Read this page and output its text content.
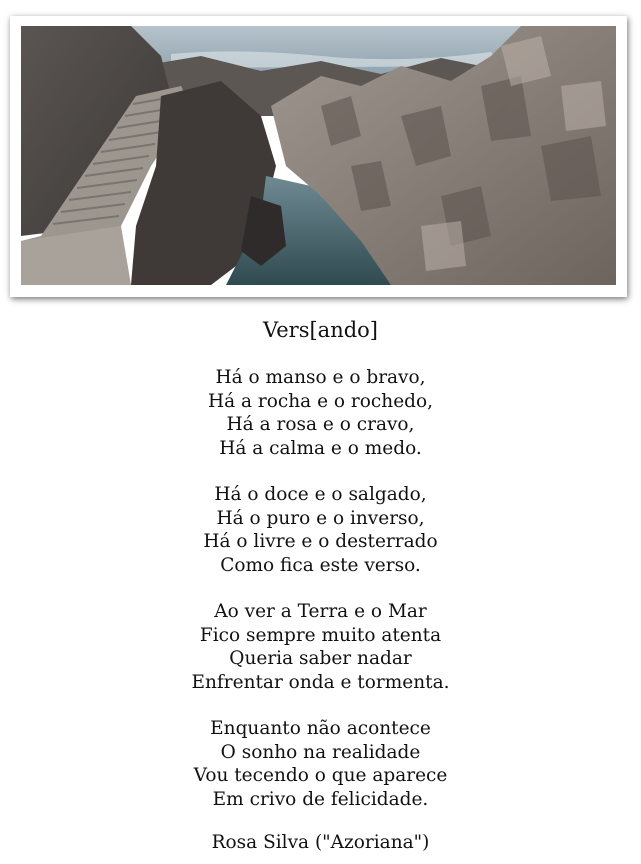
Vers[ando]
Há o manso e o bravo,
Há a rocha e o rochedo,
Há a rosa e o cravo,
Há a calma e o medo.
Há o doce e o salgado,
Há o puro e o inverso,
Há o livre e o desterrado
Como fica este verso.
Ao ver a Terra e o Mar
Fico sempre muito atenta
Queria saber nadar
Enfrentar onda e tormenta.
Enquanto não acontece
O sonho na realidade
Vou tecendo o que aparece
Em crivo de felicidade.
Rosa Silva ("Azoriana")
